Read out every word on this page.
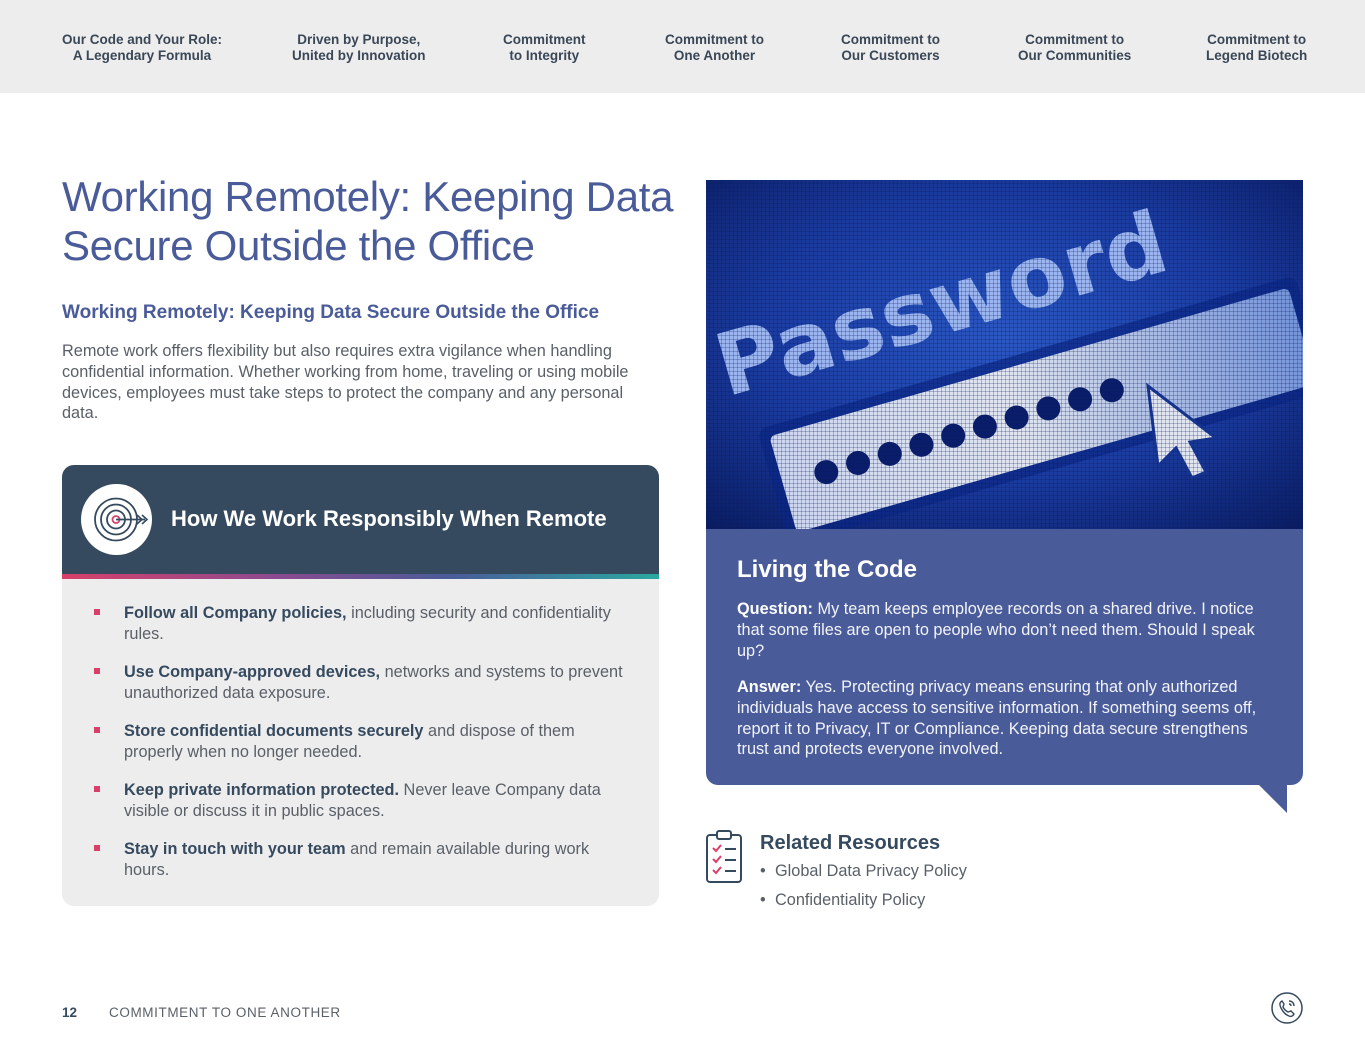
Our Code and Your Role:
A Legendary Formula
Driven by Purpose,
United by Innovation
Commitment
to Integrity
Commitment to
One Another
Commitment to
Our Customers
Commitment to
Our Communities
Commitment to
Legend Biotech
Working Remotely: Keeping Data Secure Outside the Office
Working Remotely: Keeping Data Secure Outside the Office

Remote work offers flexibility but also requires extra vigilance when handling confidential information. Whether working from home, traveling or using mobile devices, employees must take steps to protect the company and any personal data.

How We Work Responsibly When Remote
Follow all Company policies, including security and confidentiality rules.
Use Company-approved devices, networks and systems to prevent unauthorized data exposure.
Store confidential documents securely and dispose of them properly when no longer needed.
Keep private information protected. Never leave Company data visible or discuss it in public spaces.
Stay in touch with your team and remain available during work hours.
Living the Code

Question: My team keeps employee records on a shared drive. I notice that some files are open to people who don’t need them. Should I speak up?

Answer: Yes. Protecting privacy means ensuring that only authorized individuals have access to sensitive information. If something seems off, report it to Privacy, IT or Compliance. Keeping data secure strengthens trust and protects everyone involved.

Related Resources
• Global Data Privacy Policy
• Confidentiality Policy
12 COMMITMENT TO ONE ANOTHER
